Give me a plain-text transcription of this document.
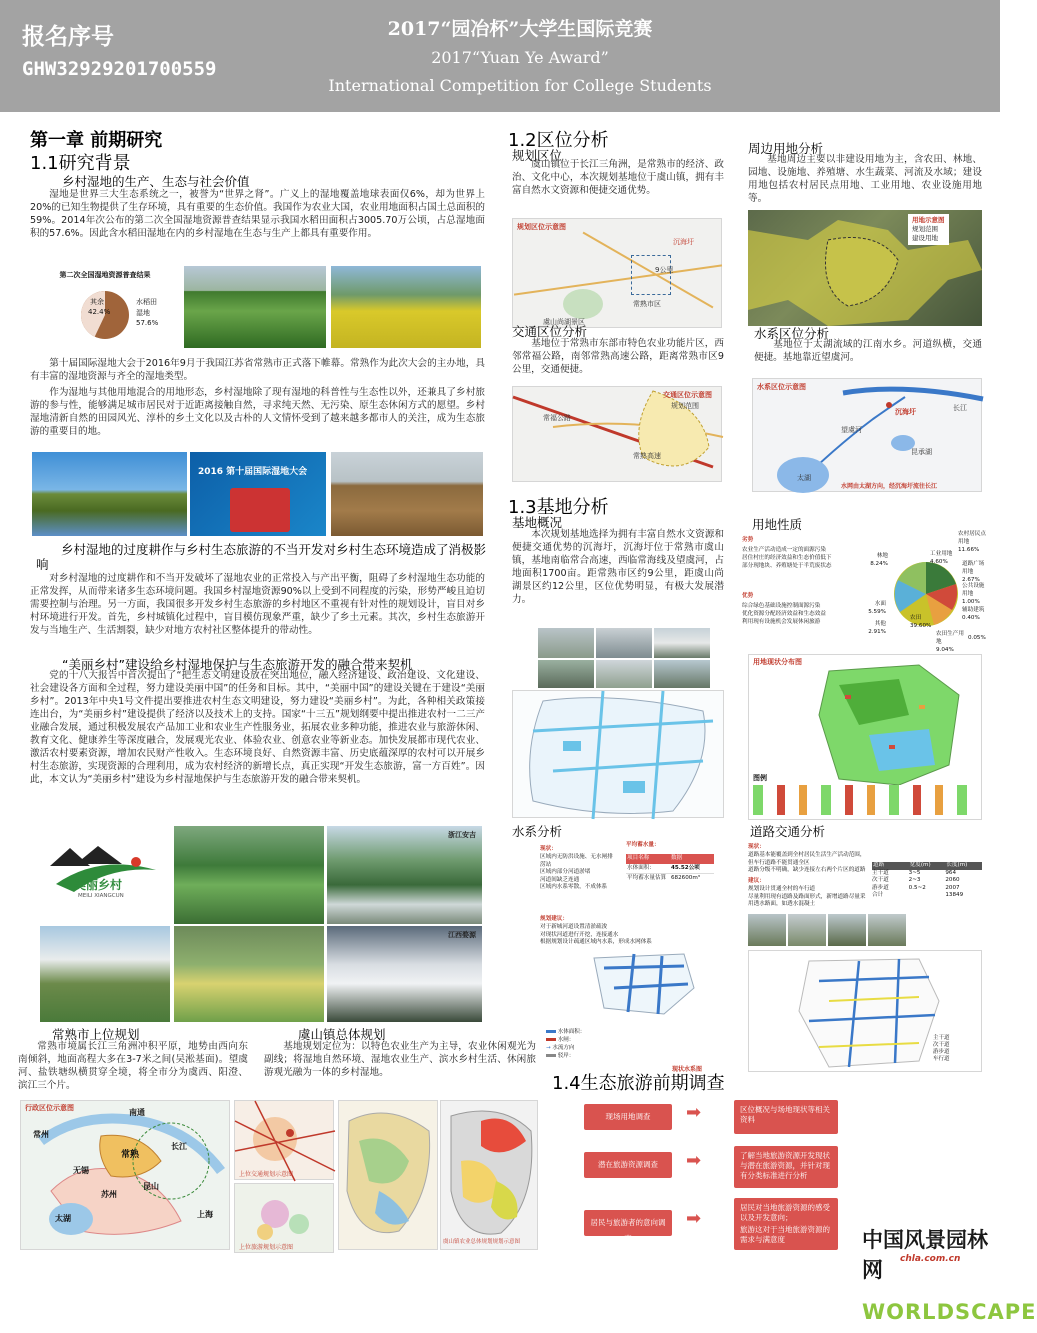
报名序号
GHW32929201700559
2017“园冶杯”大学生国际竞赛
2017“Yuan Ye Award”
International Competition for College Students
第一章 前期研究
1.1研究背景
乡村湿地的生产、生态与社会价值
湿地是世界三大生态系统之一，被誉为“世界之肾”。广义上的湿地覆盖地球表面仅6%，却为世界上20%的已知生物提供了生存环境，具有重要的生态价值。我国作为农业大国，农业用地面积占国土总面积的59%。2014年次公布的第二次全国湿地资源普查结果显示我国水稻田面积占3005.70万公顷，占总湿地面积的57.6%。因此含水稻田湿地在内的乡村湿地在生态与生产上都具有重要作用。
第二次全国湿地资源普查结果
其余
42.4%
水稻田
湿地
57.6%
第十届国际湿地大会于2016年9月于我国江苏省常熟市正式落下帷幕。常熟作为此次大会的主办地，具有丰富的湿地资源与齐全的湿地类型。
作为湿地与其他用地混合的用地形态，乡村湿地除了现有湿地的科普性与生态性以外，还兼具了乡村旅游的参与性，能够满足城市居民对于近距离接触自然，寻求纯天然、无污染、原生态休闲方式的愿望。乡村湿地清新自然的田园风光、淳朴的乡土文化以及古朴的人文情怀受到了越来越多都市人的关注，成为生态旅游的重要目的地。
2016 第十届国际湿地大会
乡村湿地的过度耕作与乡村生态旅游的不当开发对乡村生态环境造成了消极影响
对乡村湿地的过度耕作和不当开发破坏了湿地农业的正常投入与产出平衡，阻碍了乡村湿地生态功能的正常发挥，从而带来诸多生态环境问题。我国乡村湿地资源90%以上受到不同程度的污染，形势严峻且迫切需要控制与治理。另一方面，我国很多开发乡村生态旅游的乡村地区不重视有针对性的规划设计，盲目对乡村环境进行开发。首先，乡村城镇化过程中，盲目模仿现象严重，缺少了乡土元素。其次，乡村生态旅游开发与当地生产、生活割裂，缺少对地方农村社区整体提升的带动性。
“美丽乡村”建设给乡村湿地保护与生态旅游开发的融合带来契机
党的十八大报告中首次提出了“把生态文明建设放在突出地位，融入经济建设、政治建设、文化建设、社会建设各方面和全过程，努力建设美丽中国”的任务和目标。其中，“美丽中国”的建设关键在于建设“美丽乡村”。2013年中央1号文件提出要推进农村生态文明建设，努力建设“美丽乡村”。为此，各种相关政策接连出台，为“美丽乡村”建设提供了经济以及技术上的支持。国家“十三五”规划纲要中提出推进农村一二三产业融合发展，通过积极发展农产品加工业和农业生产性服务业，拓展农业多种功能，推进农业与旅游休闲、教育文化、健康养生等深度融合，发展观光农业、体验农业、创意农业等新业态。加快发展都市现代农业、激活农村要素资源，增加农民财产性收入。生态环境良好、自然资源丰富、历史底蕴深厚的农村可以开展乡村生态旅游，实现资源的合理利用，成为农村经济的新增长点，真正实现“开发生态旅游，富一方百姓”。因此，本文认为“美丽乡村”建设为乡村湿地保护与生态旅游开发的融合带来契机。
美丽乡村
MEILI XIANGCUN
浙江安吉
江西婺源
常熟市上位规划
常熟市境属长江三角洲冲积平原，地势由西向东南倾斜，地面高程大多在3-7米之间(吴淞基面)。望虞河、盐铁塘纵横贯穿全境，将全市分为虞西、阳澄、滨江三个片。
虞山镇总体规划
基地规划定位为：以特色农业生产为主导，农业休闲观光为副线；将湿地自然环境、湿地农业生产、滨水乡村生活、休闲旅游观光融为一体的乡村湿地。
行政区位示意图	南通
常州
长江
无锡
常熟
苏州
昆山
太湖	上海
上位交通规划示意图
上位旅游规划示意图
虞山镇农业总体规划规划示意图
1.2区位分析
规划区位
虞山镇位于长江三角洲，是常熟市的经济、政治、文化中心，本次规划基地位于虞山镇，拥有丰富自然水文资源和便捷交通优势。
规划区位示意图
沉海圩
9公里
常熟市区
虞山尚湖景区
交通区位分析
基地位于常熟市东部市特色农业功能片区，西邻常福公路，南邻常熟高速公路，距离常熟市区9公里，交通便捷。
交通区位示意图
规划范围
常福公路
常熟高速
周边用地分析
基地周边主要以非建设用地为主，含农田、林地、园地、设施地、养殖塘、水生蔬菜、河流及水域；建设用地包括农村居民点用地、工业用地、农业设施用地等。
用地示意图
规划范围
建设用地
水系区位分析
基地位于太湖流域的江南水乡。河道纵横，交通便捷。基地靠近望虞河。
水系区位示意图
长江
沉海圩
望虞河
昆承湖
太湖
水网由太湖方向，经沉海圩流往长江
1.3基地分析
基地概况
本次规划基地选择为拥有丰富自然水文资源和便捷交通优势的沉海圩，沉海圩位于常熟市虞山镇，基地南临常合高速，西临常海线及望虞河，占地面积1700亩。距常熟市区约9公里，距虞山尚湖景区约12公里，区位优势明显，有极大发展潜力。
用地性质
劣势
农业生产活动造成一定的面源污染
居住村庄的经济效益和生态价值低下
部分现地块、养殖塘处于半荒废状态
优势
综合绿色基础设施控制面源污染
优化资源分配经济效益和生态效益
利用现有设施机会发展休闲旅游
林地
8.24%
工业用地
4.60%
农村居民点用地
11.66%
道路广场用地
2.67%
公共设施用地
1.00%
水面
5.59%
其他
2.91%
农田
39.60%
辅助建筑
0.40%
农田生产用地
9.04%
0.05%
用地现状分布图
图例
水系分析
现状：
区域内无防洪设施、无水闸排涝站
区域内部分河道淤堵
河道间缺乏连通
区域内水系零散，不成体系
平均蓄水量：
项目名称	数据
水体面积：	45.52公顷
平均蓄水量估算 682600m³
规划建议：
对于新城河道设置清淤疏浚
对现状河道进行开挖，连接通水
根据规划设计疏通区域内水系，形成水网体系
水体面积：
水闸：
→ 水流方向
驳岸：
现状水系图
道路交通分析
现状：
道路基本能覆盖到全村居民生活生产活动范围，但车行道路不能贯通全区
道路分级不明确，缺少连接左右两个片区的道路
建议：
规划设计贯通全村的车行道
尽量利用现有道路及路面形式，新增道路尽量采用透水路面，如透水混凝土
道路	宽度(m)	长度(m)
主干道	3~5	964
次干道	2~3	2060
游步道	0.5~2	2007
合计	13849
主干道
次干道
游步道
车行道
1.4生态旅游前期调查
现场用地调查
潜在旅游资源调查
居民与旅游者的意向调查
➡
➡
➡
区位概况与场地现状等相关资料
了解当地旅游资源开发现状与潜在旅游资源，并针对现有分类标准进行分析
居民对当地旅游资源的感受以及开发意向；
旅游这对于当地旅游资源的需求与满意度	中国风景园林网	chla.com.cn
WORLDSCAPE
